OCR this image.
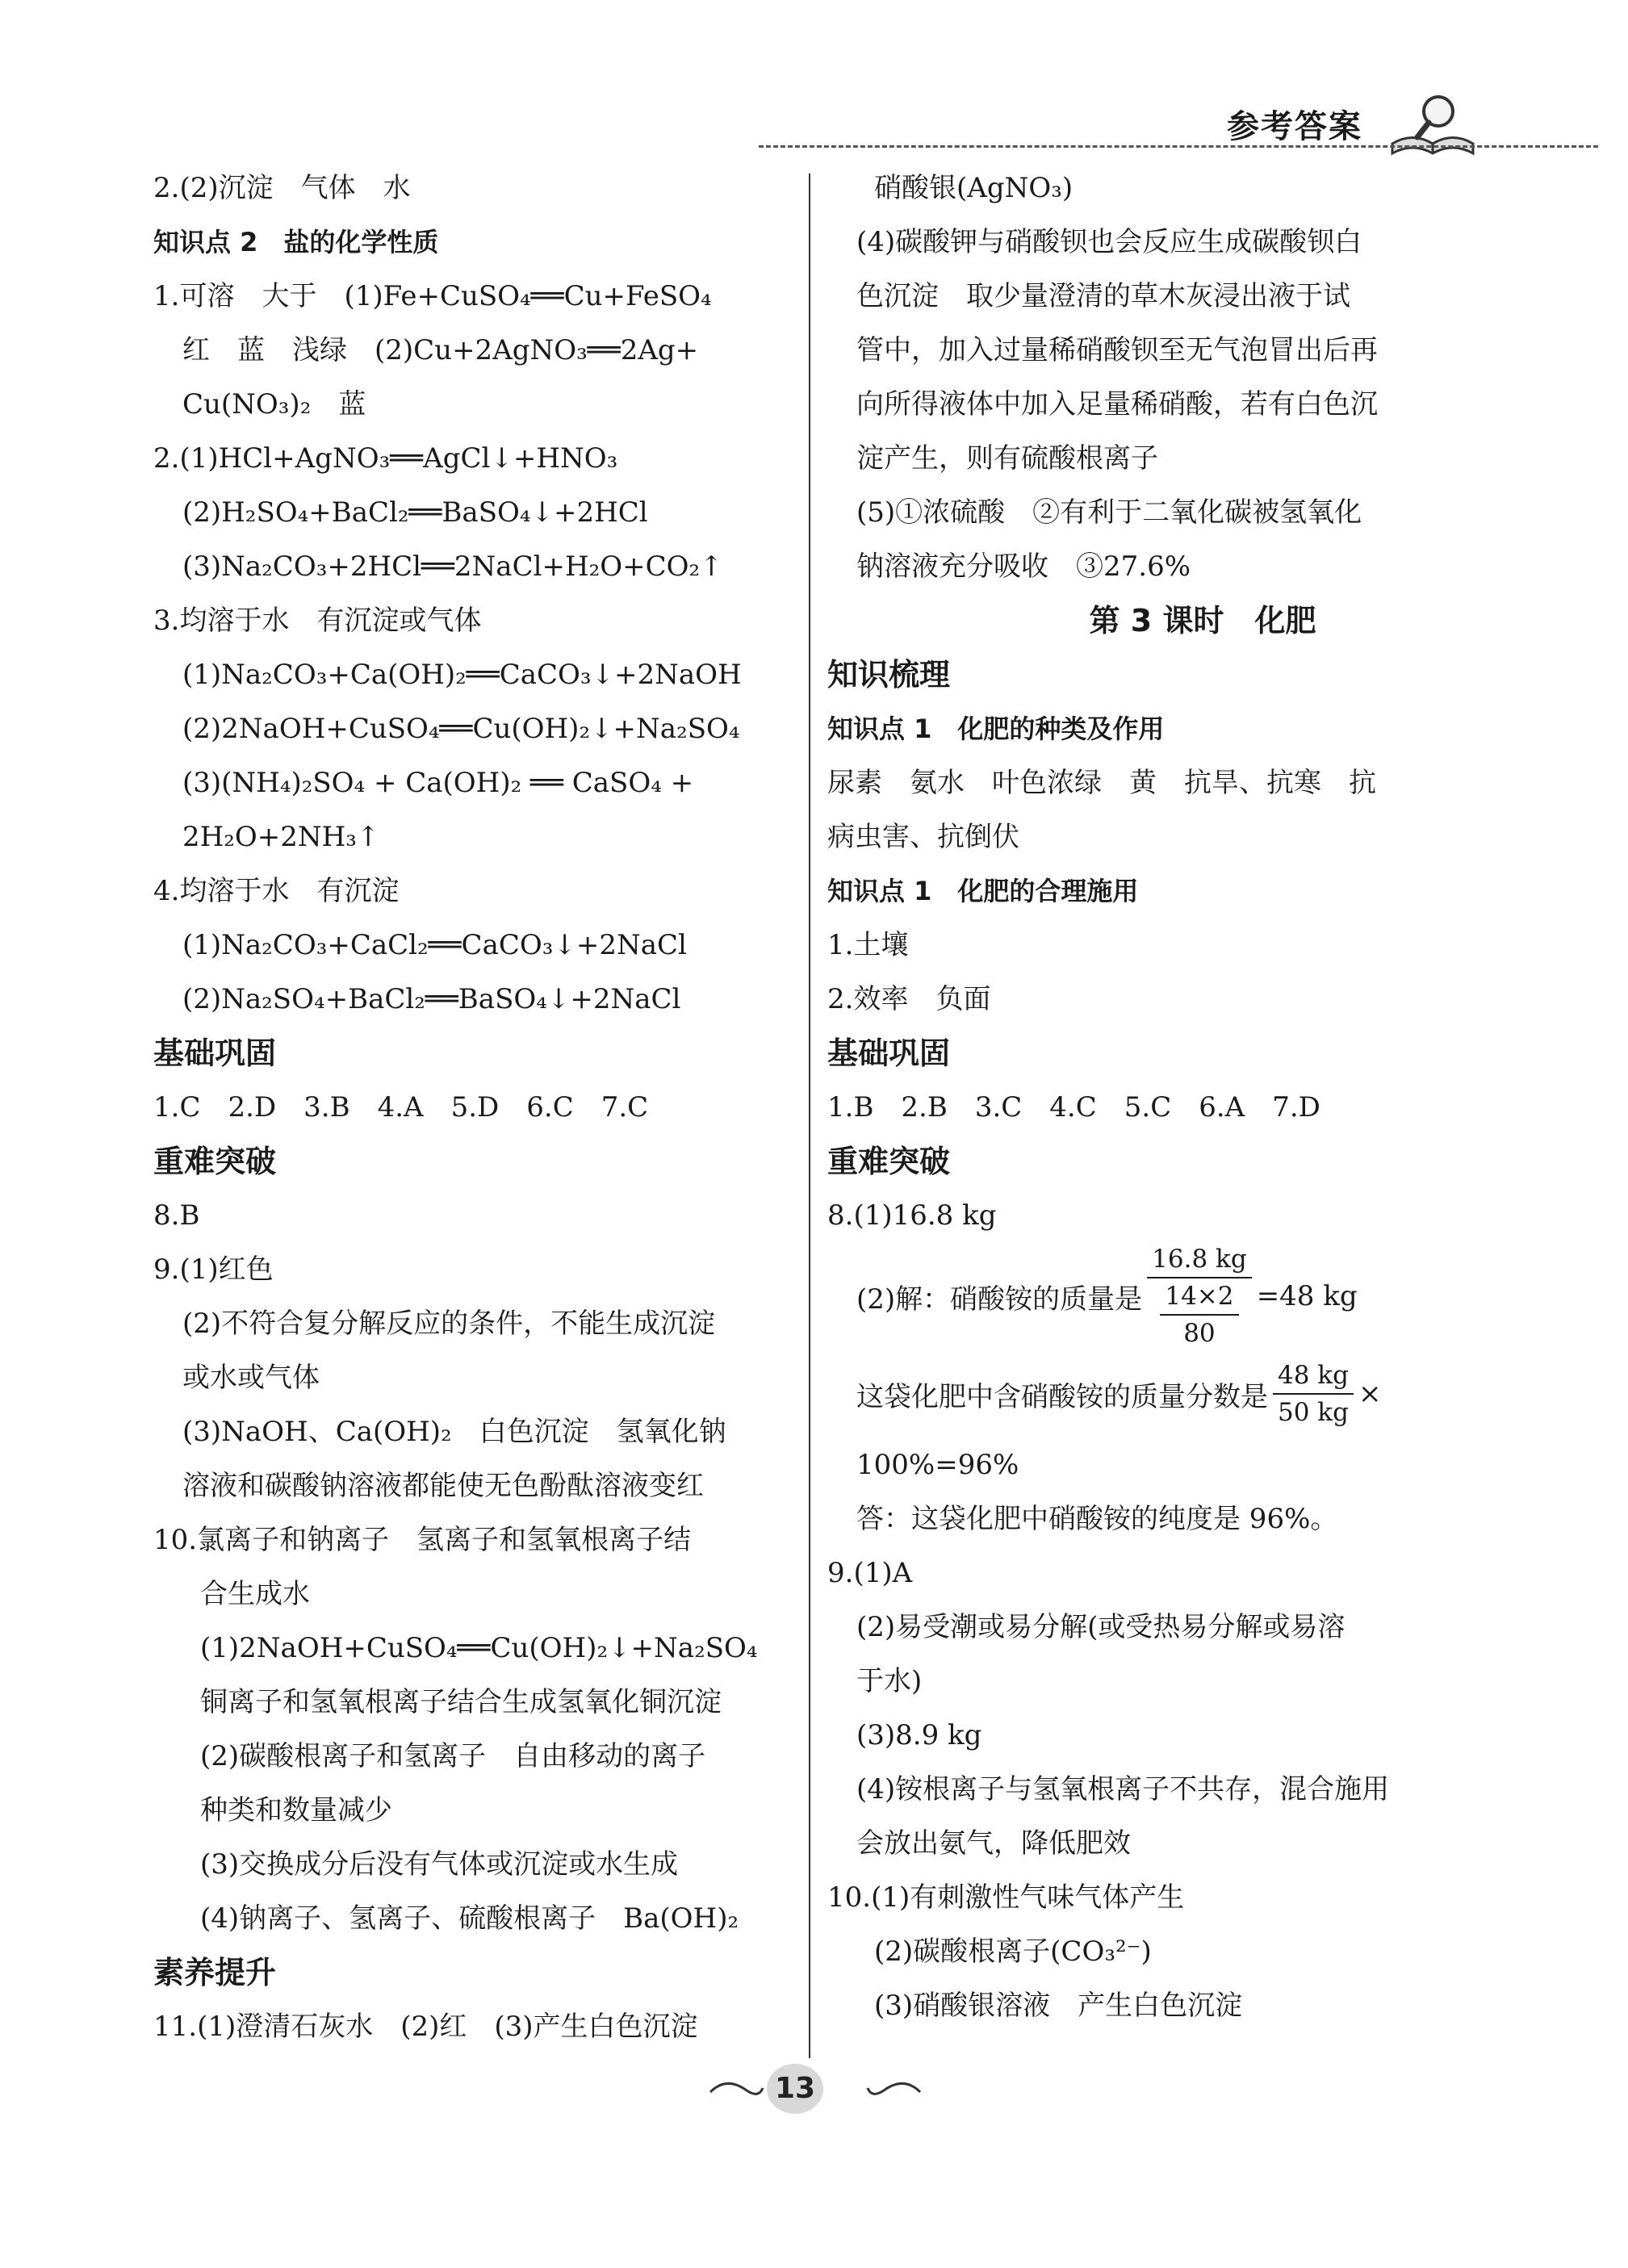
参考答案
2.(2)沉淀　气体　水
知识点 2　盐的化学性质
1.可溶　大于　(1)Fe+CuSO₄══Cu+FeSO₄
红　蓝　浅绿　(2)Cu+2AgNO₃══2Ag+
Cu(NO₃)₂　蓝
2.(1)HCl+AgNO₃══AgCl↓+HNO₃
(2)H₂SO₄+BaCl₂══BaSO₄↓+2HCl
(3)Na₂CO₃+2HCl══2NaCl+H₂O+CO₂↑
3.均溶于水　有沉淀或气体
(1)Na₂CO₃+Ca(OH)₂══CaCO₃↓+2NaOH
(2)2NaOH+CuSO₄══Cu(OH)₂↓+Na₂SO₄
(3)(NH₄)₂SO₄ + Ca(OH)₂ ══ CaSO₄ +
2H₂O+2NH₃↑
4.均溶于水　有沉淀
(1)Na₂CO₃+CaCl₂══CaCO₃↓+2NaCl
(2)Na₂SO₄+BaCl₂══BaSO₄↓+2NaCl
基础巩固
1.C　2.D　3.B　4.A　5.D　6.C　7.C
重难突破
8.B
9.(1)红色
(2)不符合复分解反应的条件，不能生成沉淀
或水或气体
(3)NaOH、Ca(OH)₂　白色沉淀　氢氧化钠
溶液和碳酸钠溶液都能使无色酚酞溶液变红
10.氯离子和钠离子　氢离子和氢氧根离子结
合生成水
(1)2NaOH+CuSO₄══Cu(OH)₂↓+Na₂SO₄
铜离子和氢氧根离子结合生成氢氧化铜沉淀
(2)碳酸根离子和氢离子　自由移动的离子
种类和数量减少
(3)交换成分后没有气体或沉淀或水生成
(4)钠离子、氢离子、硫酸根离子　Ba(OH)₂
素养提升
11.(1)澄清石灰水　(2)红　(3)产生白色沉淀
硝酸银(AgNO₃)
(4)碳酸钾与硝酸钡也会反应生成碳酸钡白
色沉淀　取少量澄清的草木灰浸出液于试
管中，加入过量稀硝酸钡至无气泡冒出后再
向所得液体中加入足量稀硝酸，若有白色沉
淀产生，则有硫酸根离子
(5)①浓硫酸　②有利于二氧化碳被氢氧化
钠溶液充分吸收　③27.6%
第 3 课时　化肥
知识梳理
知识点 1　化肥的种类及作用
尿素　氨水　叶色浓绿　黄　抗旱、抗寒　抗
病虫害、抗倒伏
知识点 1　化肥的合理施用
1.土壤
2.效率　负面
基础巩固
1.B　2.B　3.C　4.C　5.C　6.A　7.D
重难突破
8.(1)16.8 kg
(2)解：硝酸铵的质量是
16.8 kg
14×2
80
=48 kg
这袋化肥中含硝酸铵的质量分数是 $\frac{48 kg}{50 kg}$ ×
100%=96%
答：这袋化肥中硝酸铵的纯度是 96%。
9.(1)A
(2)易受潮或易分解(或受热易分解或易溶
于水)
(3)8.9 kg
(4)铵根离子与氢氧根离子不共存，混合施用
会放出氨气，降低肥效
10.(1)有刺激性气味气体产生
(2)碳酸根离子(CO₃²⁻)
(3)硝酸银溶液　产生白色沉淀
13
